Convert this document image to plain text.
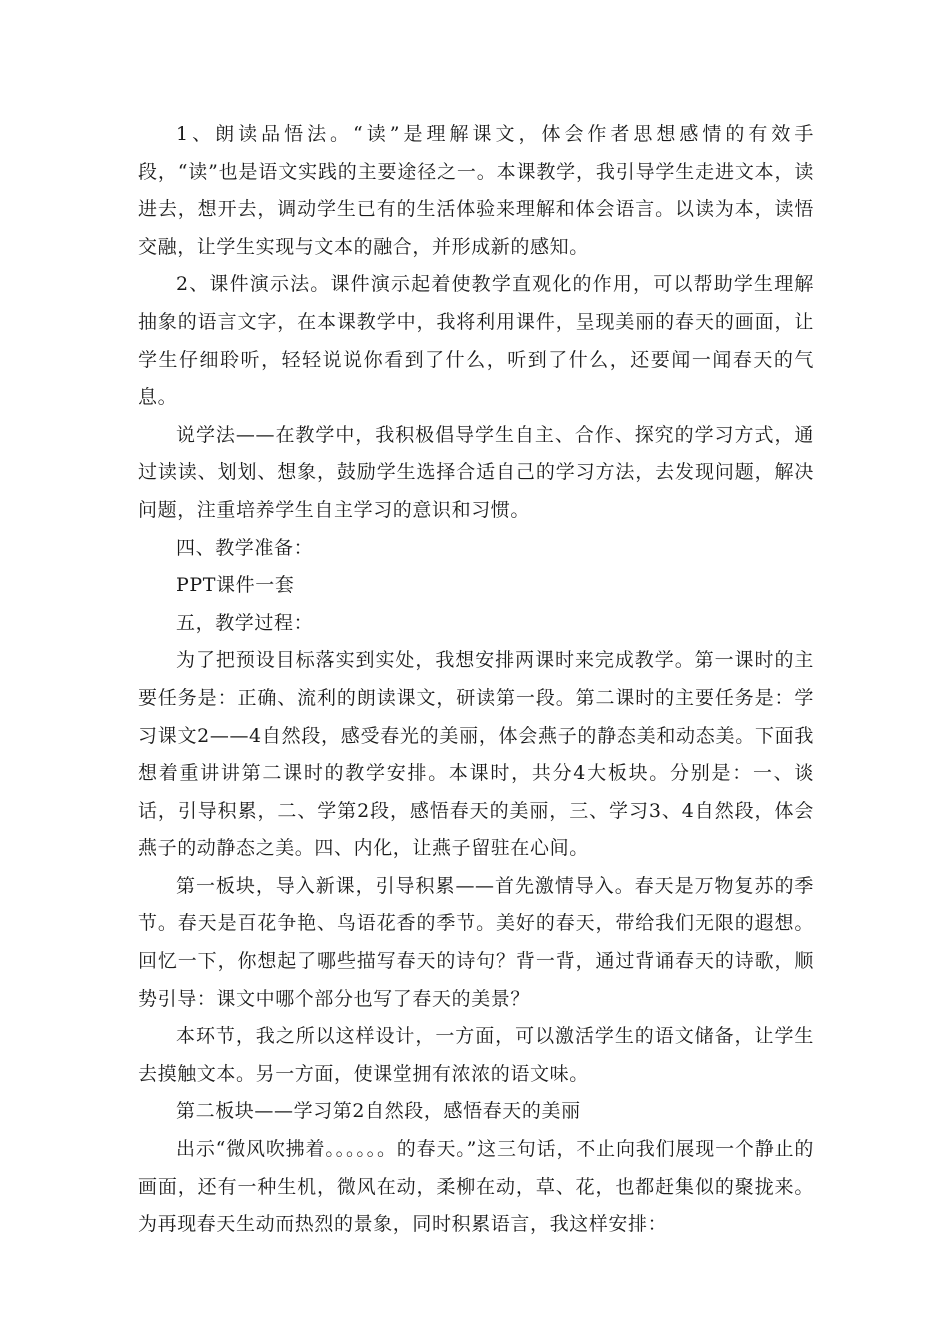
1、朗读品悟法。“读”是理解课文，体会作者思想感情的有效手段，“读”也是语文实践的主要途径之一。本课教学，我引导学生走进文本，读进去，想开去，调动学生已有的生活体验来理解和体会语言。以读为本，读悟交融，让学生实现与文本的融合，并形成新的感知。

2、课件演示法。课件演示起着使教学直观化的作用，可以帮助学生理解抽象的语言文字，在本课教学中，我将利用课件，呈现美丽的春天的画面，让学生仔细聆听，轻轻说说你看到了什么，听到了什么，还要闻一闻春天的气息。

说学法——在教学中，我积极倡导学生自主、合作、探究的学习方式，通过读读、划划、想象，鼓励学生选择合适自己的学习方法，去发现问题，解决问题，注重培养学生自主学习的意识和习惯。

四、教学准备：

PPT课件一套

五，教学过程：

为了把预设目标落实到实处，我想安排两课时来完成教学。第一课时的主要任务是：正确、流利的朗读课文，研读第一段。第二课时的主要任务是：学习课文2——4自然段，感受春光的美丽，体会燕子的静态美和动态美。下面我想着重讲讲第二课时的教学安排。本课时，共分4大板块。分别是：一、谈话，引导积累，二、学第2段，感悟春天的美丽，三、学习3、4自然段，体会燕子的动静态之美。四、内化，让燕子留驻在心间。

第一板块，导入新课，引导积累——首先激情导入。春天是万物复苏的季节。春天是百花争艳、鸟语花香的季节。美好的春天，带给我们无限的遐想。回忆一下，你想起了哪些描写春天的诗句？背一背，通过背诵春天的诗歌，顺势引导：课文中哪个部分也写了春天的美景？

本环节，我之所以这样设计，一方面，可以激活学生的语文储备，让学生去摸触文本。另一方面，使课堂拥有浓浓的语文味。

第二板块——学习第2自然段，感悟春天的美丽

出示“微风吹拂着。。。。。。的春天。”这三句话，不止向我们展现一个静止的画面，还有一种生机，微风在动，柔柳在动，草、花，也都赶集似的聚拢来。为再现春天生动而热烈的景象，同时积累语言，我这样安排：
